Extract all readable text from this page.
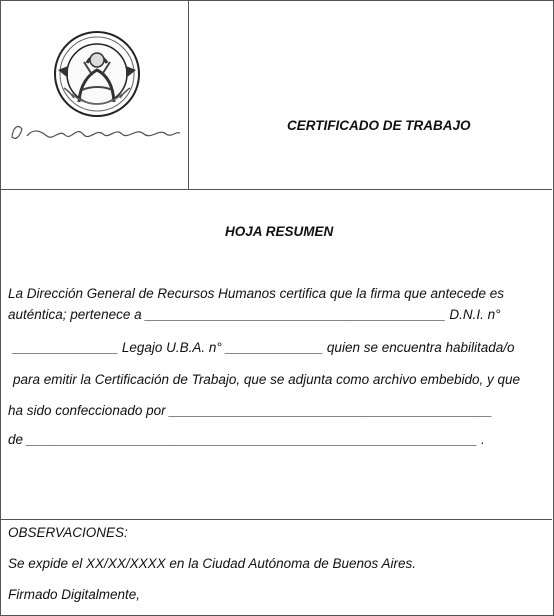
CERTIFICADO DE TRABAJO
HOJA RESUMEN
La Dirección General de Recursos Humanos certifica que la firma que antecede es
auténtica; pertenece a ________________________________________ D.N.I. n°
______________ Legajo U.B.A. n° _____________ quien se encuentra habilitada/o
para emitir la Certificación de Trabajo, que se adjunta como archivo embebido, y que
ha sido confeccionado por ___________________________________________
de ____________________________________________________________ .
OBSERVACIONES:
Se expide el XX/XX/XXXX en la Ciudad Autónoma de Buenos Aires.
Firmado Digitalmente,
